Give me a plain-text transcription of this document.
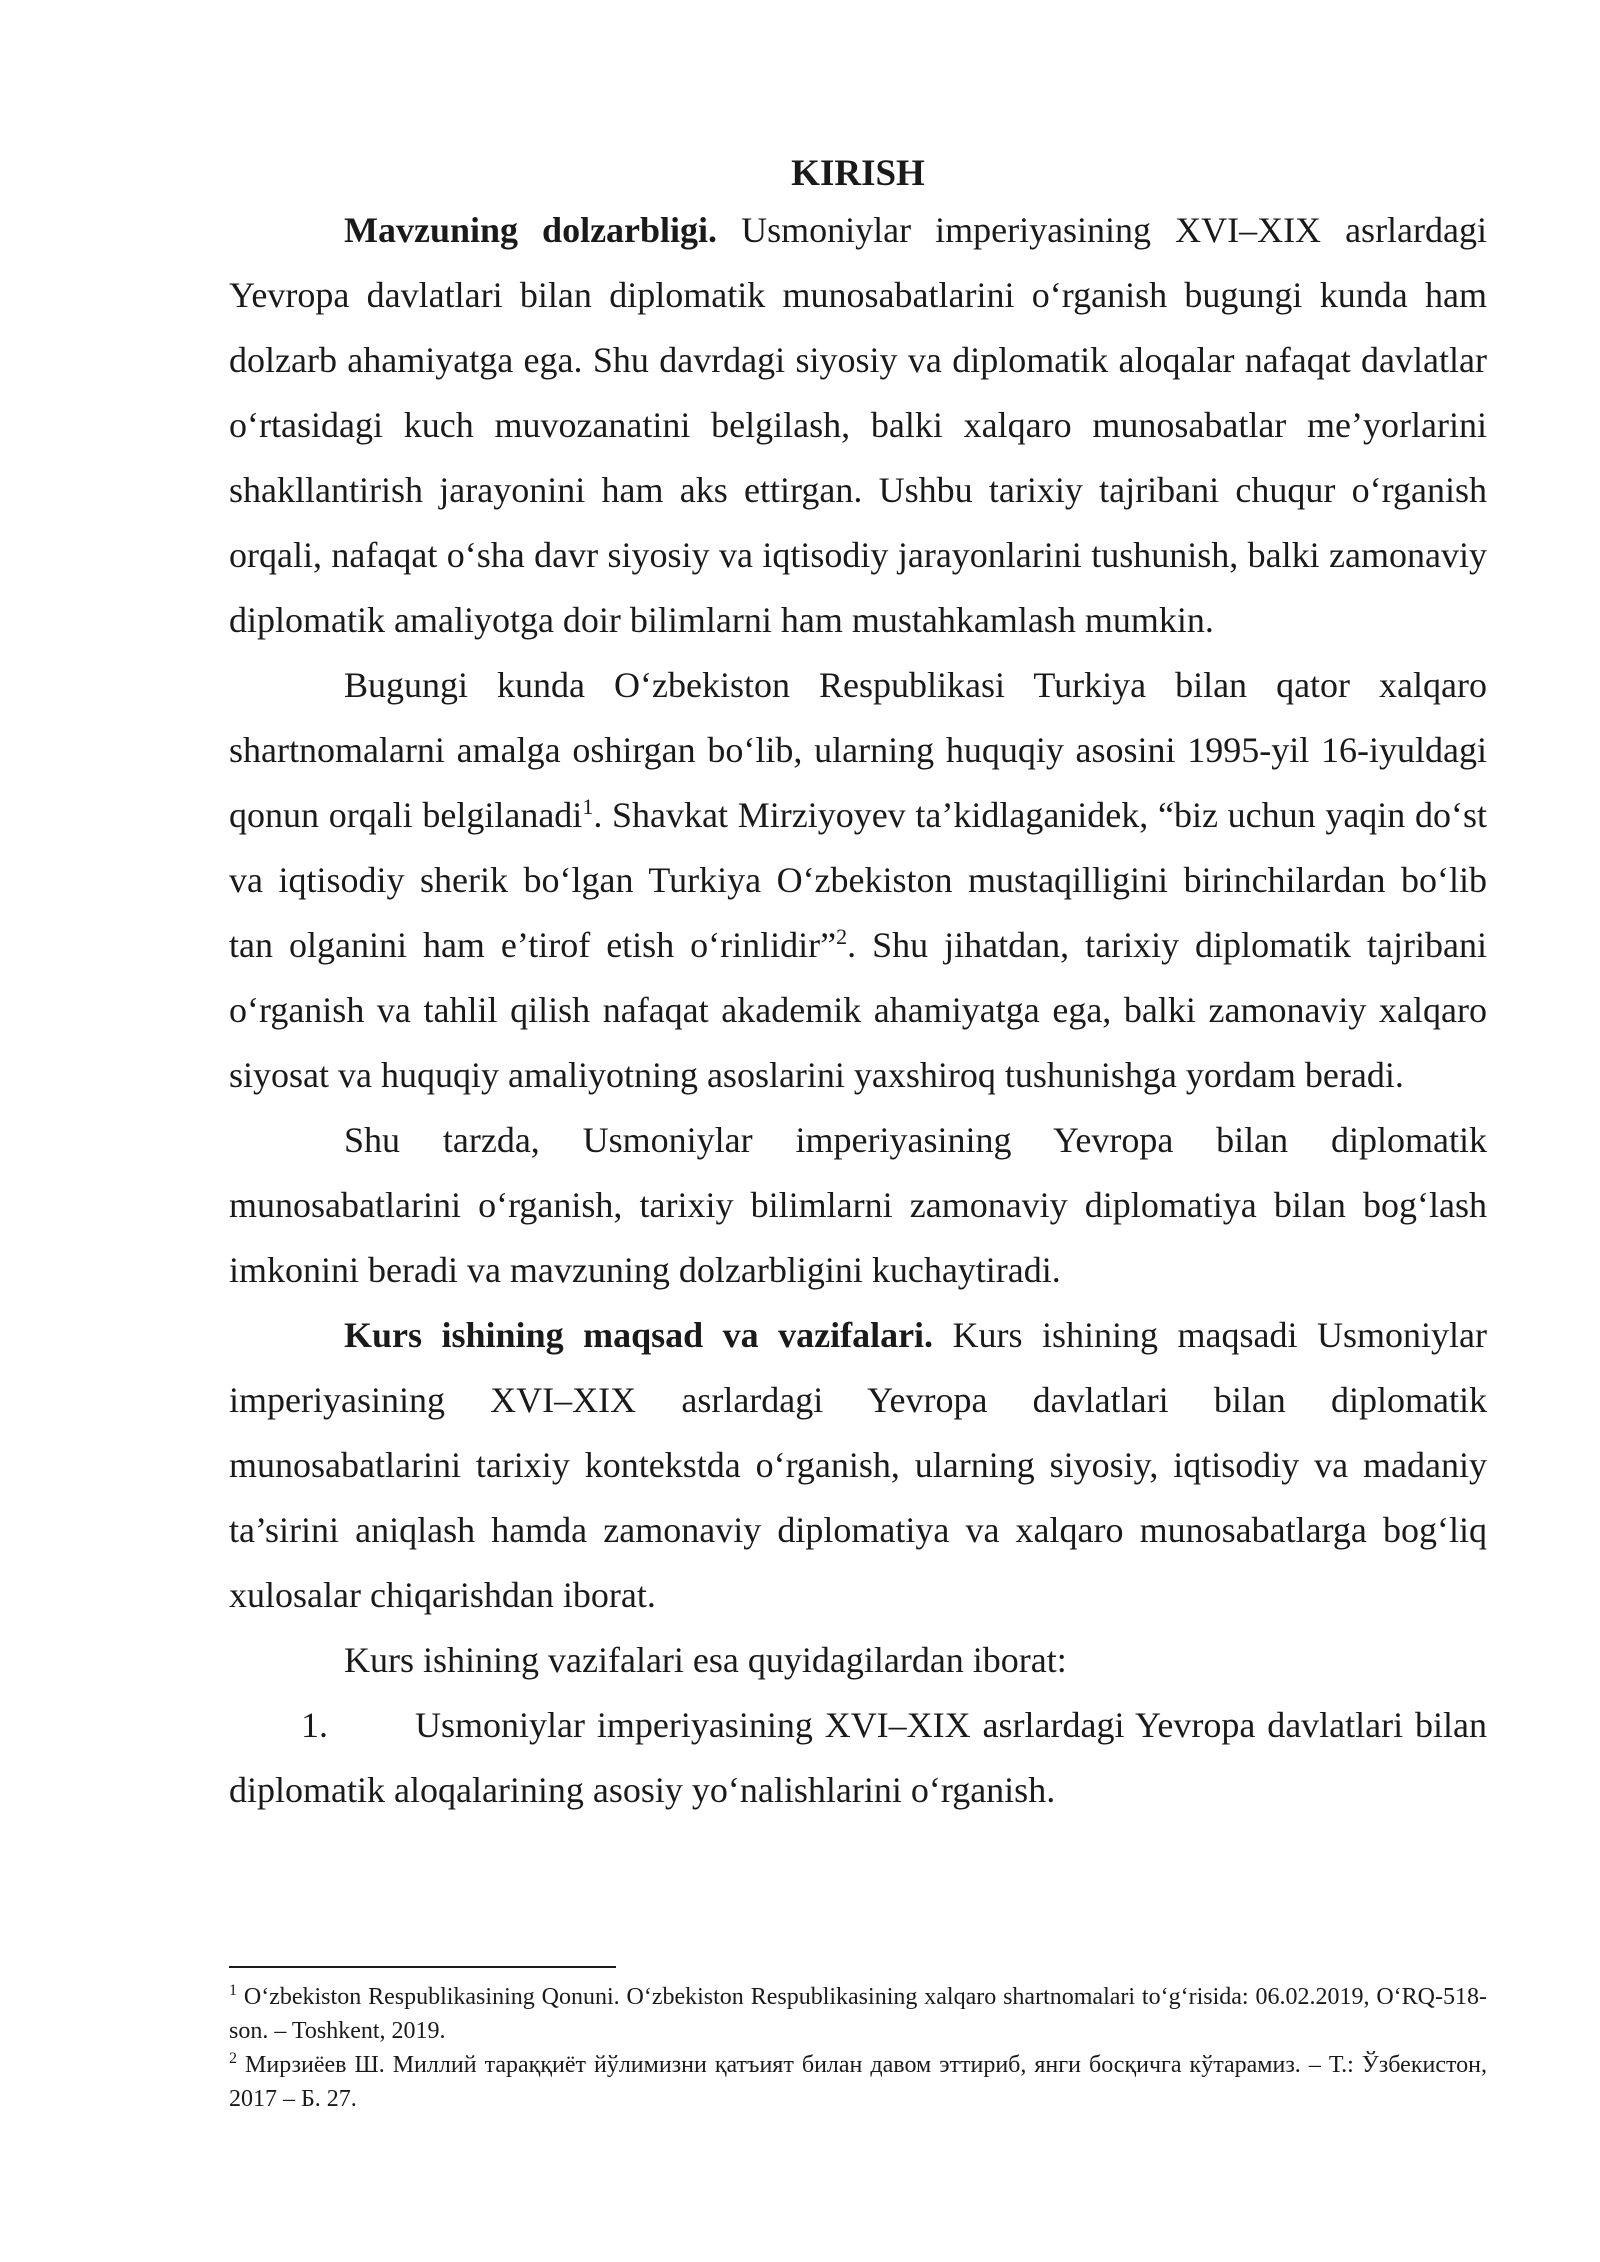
KIRISH

Mavzuning dolzarbligi. Usmoniylar imperiyasining XVI–XIX asrlardagi Yevropa davlatlari bilan diplomatik munosabatlarini oʻrganish bugungi kunda ham dolzarb ahamiyatga ega. Shu davrdagi siyosiy va diplomatik aloqalar nafaqat davlatlar oʻrtasidagi kuch muvozanatini belgilash, balki xalqaro munosabatlar me’yorlarini shakllantirish jarayonini ham aks ettirgan. Ushbu tarixiy tajribani chuqur oʻrganish orqali, nafaqat oʻsha davr siyosiy va iqtisodiy jarayonlarini tushunish, balki zamonaviy diplomatik amaliyotga doir bilimlarni ham mustahkamlash mumkin.

Bugungi kunda Oʻzbekiston Respublikasi Turkiya bilan qator xalqaro shartnomalarni amalga oshirgan boʻlib, ularning huquqiy asosini 1995-yil 16-iyuldagi qonun orqali belgilanadi$^1$. Shavkat Mirziyoyev ta’kidlaganidek, “biz uchun yaqin doʻst va iqtisodiy sherik boʻlgan Turkiya Oʻzbekiston mustaqilligini birinchilardan boʻlib tan olganini ham e’tirof etish oʻrinlidir”$^2$. Shu jihatdan, tarixiy diplomatik tajribani oʻrganish va tahlil qilish nafaqat akademik ahamiyatga ega, balki zamonaviy xalqaro siyosat va huquqiy amaliyotning asoslarini yaxshiroq tushunishga yordam beradi.

Shu tarzda, Usmoniylar imperiyasining Yevropa bilan diplomatik munosabatlarini oʻrganish, tarixiy bilimlarni zamonaviy diplomatiya bilan bogʻlash imkonini beradi va mavzuning dolzarbligini kuchaytiradi.

Kurs ishining maqsad va vazifalari. Kurs ishining maqsadi Usmoniylar imperiyasining XVI–XIX asrlardagi Yevropa davlatlari bilan diplomatik munosabatlarini tarixiy kontekstda oʻrganish, ularning siyosiy, iqtisodiy va madaniy ta’sirini aniqlash hamda zamonaviy diplomatiya va xalqaro munosabatlarga bogʻliq xulosalar chiqarishdan iborat.

Kurs ishining vazifalari esa quyidagilardan iborat:

1. Usmoniylar imperiyasining XVI–XIX asrlardagi Yevropa davlatlari bilan diplomatik aloqalarining asosiy yoʻnalishlarini oʻrganish.

$^1$ Oʻzbekiston Respublikasining Qonuni. Oʻzbekiston Respublikasining xalqaro shartnomalari toʻgʻrisida: 06.02.2019, OʻRQ-518-son. – Toshkent, 2019.

$^2$ Мирзиёев Ш. Миллий тараққиёт йўлимизни қатъият билан давом эттириб, янги босқичга кўтарамиз. – Т.: Ўзбекистон, 2017 – Б. 27.
